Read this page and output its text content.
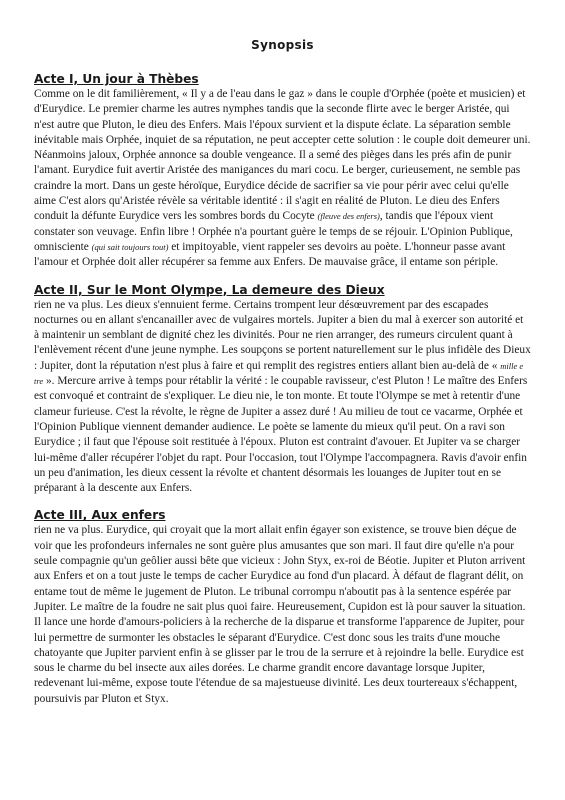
Synopsis
Acte I, Un jour à Thèbes

Comme on le dit familièrement, « Il y a de l'eau dans le gaz » dans le couple d'Orphée (poète et musicien) et d'Eurydice. Le premier charme les autres nymphes tandis que la seconde flirte avec le berger Aristée, qui n'est autre que Pluton, le dieu des Enfers. Mais l'époux survient et la dispute éclate. La séparation semble inévitable mais Orphée, inquiet de sa réputation, ne peut accepter cette solution : le couple doit demeurer uni. Néanmoins jaloux, Orphée annonce sa double vengeance. Il a semé des pièges dans les prés afin de punir l'amant. Eurydice fuit avertir Aristée des manigances du mari cocu. Le berger, curieusement, ne semble pas craindre la mort. Dans un geste héroïque, Eurydice décide de sacrifier sa vie pour périr avec celui qu'elle aime C'est alors qu'Aristée révèle sa véritable identité : il s'agit en réalité de Pluton. Le dieu des Enfers conduit la défunte Eurydice vers les sombres bords du Cocyte (fleuve des enfers), tandis que l'époux vient constater son veuvage. Enfin libre ! Orphée n'a pourtant guère le temps de se réjouir. L'Opinion Publique, omnisciente (qui sait toujours tout) et impitoyable, vient rappeler ses devoirs au poète. L'honneur passe avant l'amour et Orphée doit aller récupérer sa femme aux Enfers. De mauvaise grâce, il entame son périple.

Acte II, Sur le Mont Olympe, La demeure des Dieux

rien ne va plus. Les dieux s'ennuient ferme. Certains trompent leur désœuvrement par des escapades nocturnes ou en allant s'encanailler avec de vulgaires mortels. Jupiter a bien du mal à exercer son autorité et à maintenir un semblant de dignité chez les divinités. Pour ne rien arranger, des rumeurs circulent quant à l'enlèvement récent d'une jeune nymphe. Les soupçons se portent naturellement sur le plus infidèle des Dieux : Jupiter, dont la réputation n'est plus à faire et qui remplit des registres entiers allant bien au-delà de « mille e tre ». Mercure arrive à temps pour rétablir la vérité : le coupable ravisseur, c'est Pluton ! Le maître des Enfers est convoqué et contraint de s'expliquer. Le dieu nie, le ton monte. Et toute l'Olympe se met à retentir d'une clameur furieuse. C'est la révolte, le règne de Jupiter a assez duré ! Au milieu de tout ce vacarme, Orphée et l'Opinion Publique viennent demander audience. Le poète se lamente du mieux qu'il peut. On a ravi son Eurydice ; il faut que l'épouse soit restituée à l'époux. Pluton est contraint d'avouer. Et Jupiter va se charger lui-même d'aller récupérer l'objet du rapt. Pour l'occasion, tout l'Olympe l'accompagnera. Ravis d'avoir enfin un peu d'animation, les dieux cessent la révolte et chantent désormais les louanges de Jupiter tout en se préparant à la descente aux Enfers.

Acte III, Aux enfers

rien ne va plus. Eurydice, qui croyait que la mort allait enfin égayer son existence, se trouve bien déçue de voir que les profondeurs infernales ne sont guère plus amusantes que son mari. Il faut dire qu'elle n'a pour seule compagnie qu'un geôlier aussi bête que vicieux : John Styx, ex-roi de Béotie. Jupiter et Pluton arrivent aux Enfers et on a tout juste le temps de cacher Eurydice au fond d'un placard. À défaut de flagrant délit, on entame tout de même le jugement de Pluton. Le tribunal corrompu n'aboutit pas à la sentence espérée par Jupiter. Le maître de la foudre ne sait plus quoi faire. Heureusement, Cupidon est là pour sauver la situation. Il lance une horde d'amours-policiers à la recherche de la disparue et transforme l'apparence de Jupiter, pour lui permettre de surmonter les obstacles le séparant d'Eurydice. C'est donc sous les traits d'une mouche chatoyante que Jupiter parvient enfin à se glisser par le trou de la serrure et à rejoindre la belle. Eurydice est sous le charme du bel insecte aux ailes dorées. Le charme grandit encore davantage lorsque Jupiter, redevenant lui-même, expose toute l'étendue de sa majestueuse divinité. Les deux tourtereaux s'échappent, poursuivis par Pluton et Styx.
